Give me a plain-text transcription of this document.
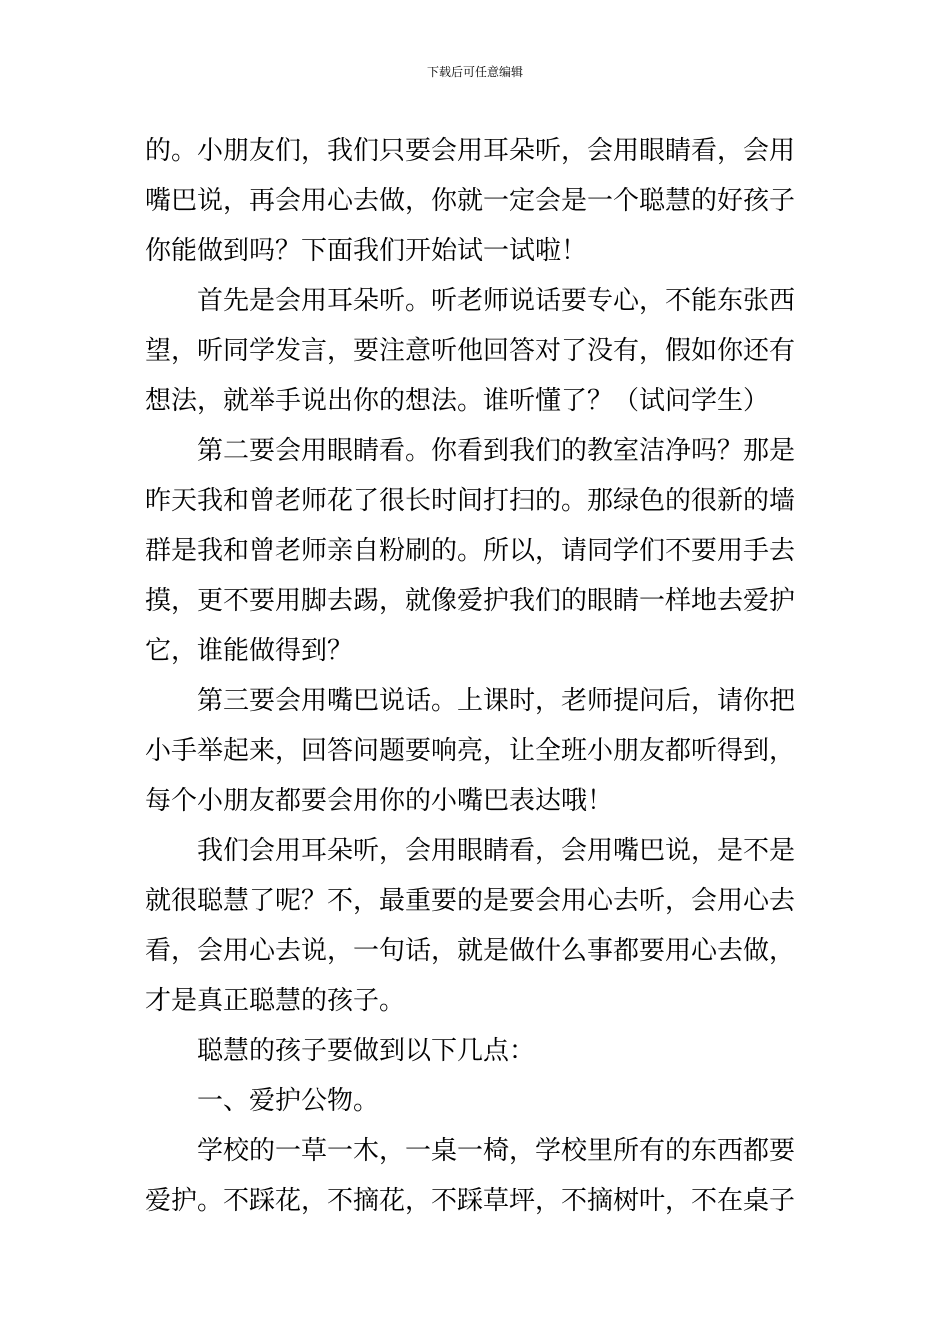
下载后可任意编辑

的。小朋友们，我们只要会用耳朵听，会用眼睛看，会用

嘴巴说，再会用心去做，你就一定会是一个聪慧的好孩子

你能做到吗？下面我们开始试一试啦！

首先是会用耳朵听。听老师说话要专心，不能东张西

望，听同学发言，要注意听他回答对了没有，假如你还有

想法，就举手说出你的想法。谁听懂了？（试问学生）

第二要会用眼睛看。你看到我们的教室洁净吗？那是

昨天我和曾老师花了很长时间打扫的。那绿色的很新的墙

群是我和曾老师亲自粉刷的。所以，请同学们不要用手去

摸，更不要用脚去踢，就像爱护我们的眼睛一样地去爱护

它，谁能做得到？

第三要会用嘴巴说话。上课时，老师提问后，请你把

小手举起来，回答问题要响亮，让全班小朋友都听得到，

每个小朋友都要会用你的小嘴巴表达哦！

我们会用耳朵听，会用眼睛看，会用嘴巴说，是不是

就很聪慧了呢？不，最重要的是要会用心去听，会用心去

看，会用心去说，一句话，就是做什么事都要用心去做，

才是真正聪慧的孩子。

聪慧的孩子要做到以下几点：

一、爱护公物。

学校的一草一木，一桌一椅，学校里所有的东西都要

爱护。不踩花，不摘花，不踩草坪，不摘树叶，不在桌子
